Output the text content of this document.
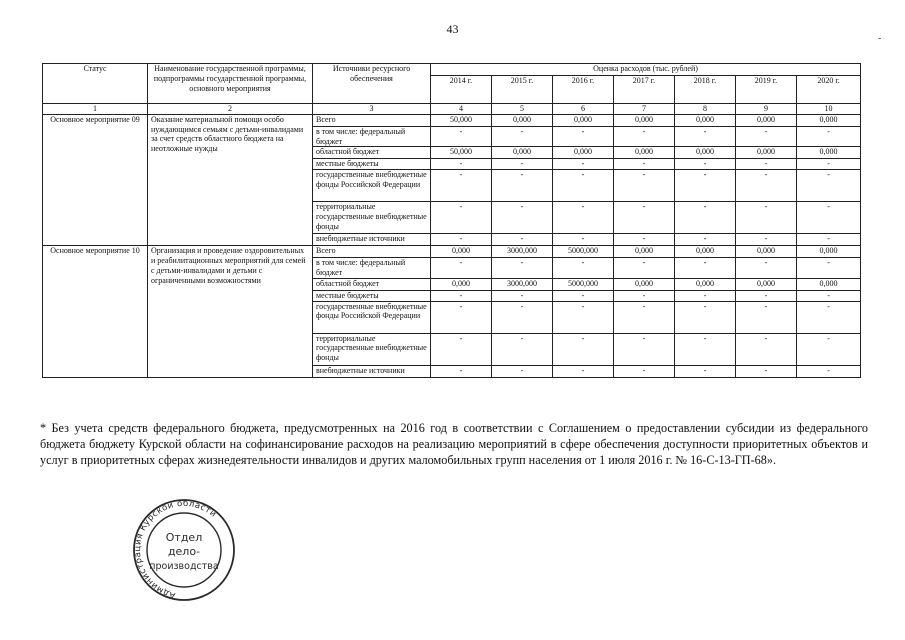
43
-
Статус	Наименование государственной программы, подпрограммы государственной программы, основного мероприятия	Источники ресурсного обеспечения	Оценка расходов (тыс. рублей)						
			2014 г.	2015 г.	2016 г.	2017 г.	2018 г.	2019 г.	2020 г.
1	2	3	4	5	6	7	8	9	10
Основное мероприятие 09	Оказание материальной помощи особо нуждающимся семьям с детьми-инвалидами за счет средств областного бюджета на неотложные нужды	Всего	50,000	0,000	0,000	0,000	0,000	0,000	0,000
		в том числе: федеральный бюджет	-	-	-	-	-	-	-
		областной бюджет	50,000	0,000	0,000	0,000	0,000	0,000	0,000
		местные бюджеты	-	-	-	-	-	-	-
		государственные внебюджетные фонды Российской Федерации	-	-	-	-	-	-	-
		территориальные государственные внебюджетные фонды	-	-	-	-	-	-	-
		внебюджетные источники	-	-	-	-	-	-	-
Основное мероприятие 10	Организация и проведение оздоровительных и реабилитационных мероприятий для семей с детьми-инвалидами и детьми с ограниченными возможностями	Всего	0,000	3000,000	5000,000	0,000	0,000	0,000	0,000
		в том числе: федеральный бюджет	-	-	-	-	-	-	-
		областной бюджет	0,000	3000,000	5000,000	0,000	0,000	0,000	0,000
		местные бюджеты	-	-	-	-	-	-	-
		государственные внебюджетные фонды Российской Федерации	-	-	-	-	-	-	-
		территориальные государственные внебюджетные фонды	-	-	-	-	-	-	-
		внебюджетные источники	-	-	-	-	-	-	-
* Без учета средств федерального бюджета, предусмотренных на 2016 год в соответствии с Соглашением о предоставлении субсидии из федерального бюджета бюджету Курской области на софинансирование расходов на реализацию мероприятий в сфере обеспечения доступности приоритетных объектов и услуг в приоритетных сферах жизнедеятельности инвалидов и других маломобильных групп населения от 1 июля 2016 г. № 16-С-13-ГП-68».
Администрация Курской области
Отдел
дело-
производства
